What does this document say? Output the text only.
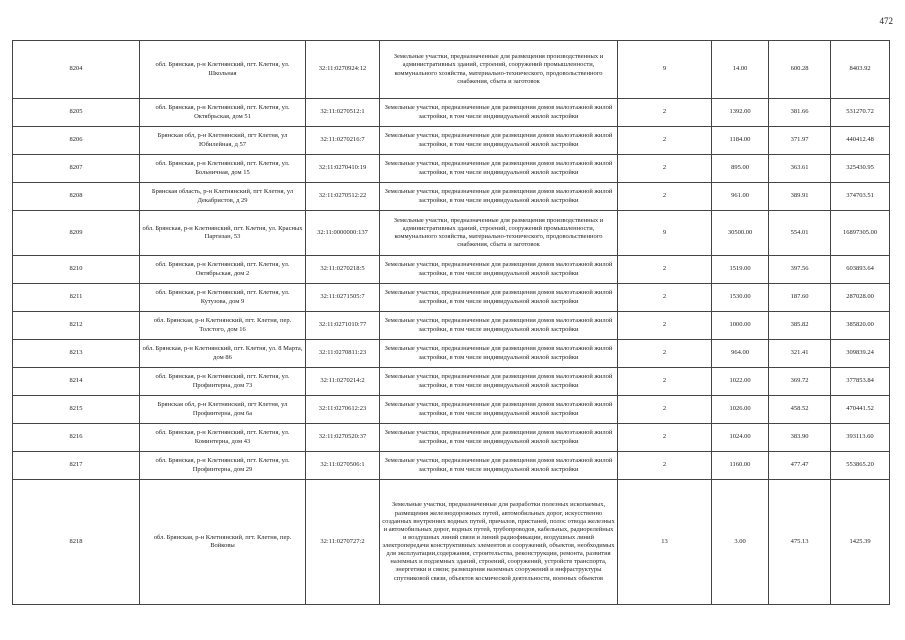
472
8204	обл. Брянская, р-н Клетнянский, пгт. Клетня, ул. Школьная	32:11:0270924:12	Земельные участки, предназначенные для размещения производственных и административных зданий, строений, сооружений промышленности, коммунального хозяйства, материально-технического, продовольственного снабжения, сбыта и заготовок	9	14.00	600.28	8403.92
8205	обл. Брянская, р-н Клетнянский, пгт. Клетня, ул. Октябрьская, дом 51	32:11:0270512:1	Земельные участки, предназначенные для размещения домов малоэтажной жилой застройки, в том числе индивидуальной жилой застройки	2	1392.00	381.66	531270.72
8206	Брянская обл, р-н Клетнянский, пгт Клетня, ул Юбилейная, д 57	32:11:0270216:7	Земельные участки, предназначенные для размещения домов малоэтажной жилой застройки, в том числе индивидуальной жилой застройки	2	1184.00	371.97	440412.48
8207	обл. Брянская, р-н Клетнянский, пгт. Клетня, ул. Больничная, дом 15	32:11:0270410:19	Земельные участки, предназначенные для размещения домов малоэтажной жилой застройки, в том числе индивидуальной жилой застройки	2	895.00	363.61	325430.95
8208	Брянская область, р-н Клетнянский, пгт Клетня, ул Декабристов, д 29	32:11:0270512:22	Земельные участки, предназначенные для размещения домов малоэтажной жилой застройки, в том числе индивидуальной жилой застройки	2	961.00	389.91	374703.51
8209	обл. Брянская, р-н Клетнянский, пгт. Клетня, ул. Красных Партизан, 53	32:11:0000000:137	Земельные участки, предназначенные для размещения производственных и административных зданий, строений, сооружений промышленности, коммунального хозяйства, материально-технического, продовольственного снабжения, сбыта и заготовок	9	30500.00	554.01	16897305.00
8210	обл. Брянская, р-н Клетнянский, пгт. Клетня, ул. Октябрьская, дом 2	32:11:0270218:5	Земельные участки, предназначенные для размещения домов малоэтажной жилой застройки, в том числе индивидуальной жилой застройки	2	1519.00	397.56	603893.64
8211	обл. Брянская, р-н Клетнянский, пгт. Клетня, ул. Кутузова, дом 9	32:11:0271505:7	Земельные участки, предназначенные для размещения домов малоэтажной жилой застройки, в том числе индивидуальной жилой застройки	2	1530.00	187.60	287028.00
8212	обл. Брянская, р-н Клетнянский, пгт. Клетня, пер. Толстого, дом 16	32:11:0271010:77	Земельные участки, предназначенные для размещения домов малоэтажной жилой застройки, в том числе индивидуальной жилой застройки	2	1000.00	385.82	385820.00
8213	обл. Брянская, р-н Клетнянский, пгт. Клетня, ул. 8 Марта, дом 86	32:11:0270811:23	Земельные участки, предназначенные для размещения домов малоэтажной жилой застройки, в том числе индивидуальной жилой застройки	2	964.00	321.41	309839.24
8214	обл. Брянская, р-н Клетнянский, пгт. Клетня, ул. Профинтерна, дом 73	32:11:0270214:2	Земельные участки, предназначенные для размещения домов малоэтажной жилой застройки, в том числе индивидуальной жилой застройки	2	1022.00	369.72	377853.84
8215	Брянская обл, р-н Клетнянский, пгт Клетня, ул Профинтерна, дом 6а	32:11:0270612:23	Земельные участки, предназначенные для размещения домов малоэтажной жилой застройки, в том числе индивидуальной жилой застройки	2	1026.00	458.52	470441.52
8216	обл. Брянская, р-н Клетнянский, пгт. Клетня, ул. Коминтерна, дом 43	32:11:0270520:37	Земельные участки, предназначенные для размещения домов малоэтажной жилой застройки, в том числе индивидуальной жилой застройки	2	1024.00	383.90	393113.60
8217	обл. Брянская, р-н Клетнянский, пгт. Клетня, ул. Профинтерна, дом 29	32:11:0270506:1	Земельные участки, предназначенные для размещения домов малоэтажной жилой застройки, в том числе индивидуальной жилой застройки	2	1160.00	477.47	553865.20
8218	обл. Брянская, р-н Клетнянский, пгт. Клетня, пер. Войковы	32:11:0270727:2	Земельные участки, предназначенные для разработки полезных ископаемых, размещения железнодорожных путей, автомобильных дорог, искусственно созданных внутренних водных путей, причалов, пристаней, полос отвода железных и автомобильных дорог, водных путей, трубопроводов, кабельных, радиорелейных и воздушных линий связи и линий радиофикации, воздушных линий электропередачи конструктивных элементов и сооружений, объектов, необходимых для эксплуатации,содержания, строительства, реконструкции, ремонта, развития наземных и подземных зданий, строений, сооружений, устройств транспорта, энергетики и связи; размещения наземных сооружений и инфраструктуры спутниковой связи, объектов космической деятельности, военных объектов	13	3.00	475.13	1425.39
